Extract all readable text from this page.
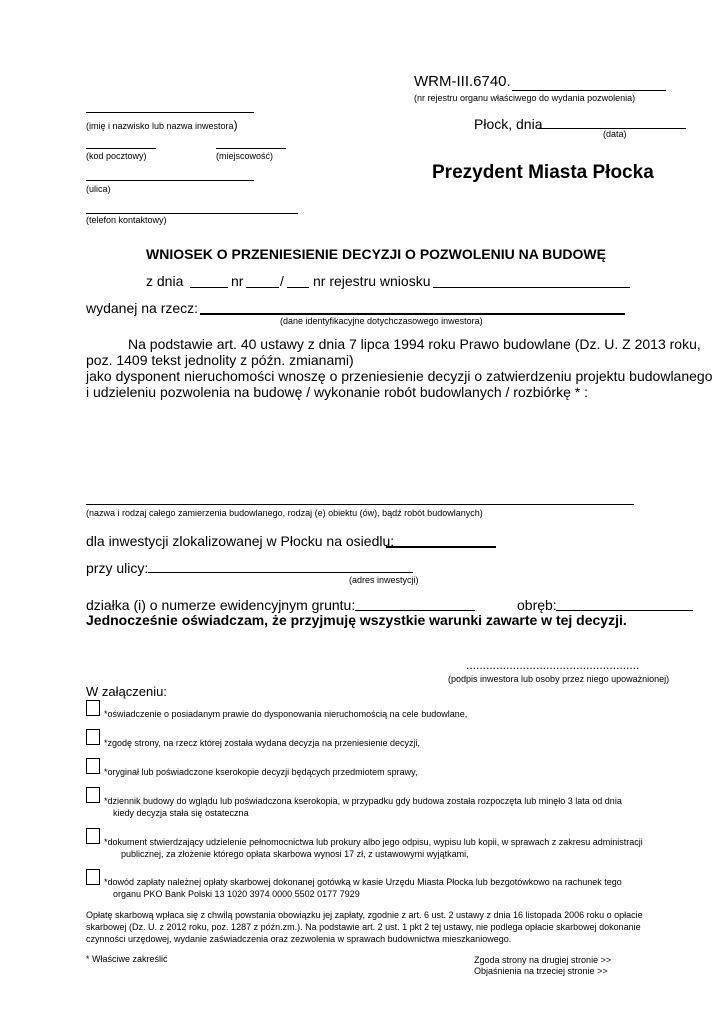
WRM-III.6740.
(nr rejestru organu właściwego do wydania pozwolenia)
(imię i nazwisko lub nazwa inwestora)	Płock, dnia
(data)
(kod pocztowy)	(miejscowość)
Prezydent Miasta Płocka
(ulica)
(telefon kontaktowy)
WNIOSEK O PRZENIESIENIE DECYZJI O POZWOLENIU NA BUDOWĘ
z dnia	nr	/ nr rejestru wniosku
wydanej na rzecz:
(dane identyfikacyjne dotychczasowego inwestora)
Na podstawie art. 40 ustawy z dnia 7 lipca 1994 roku Prawo budowlane (Dz. U. Z 2013 roku,
poz. 1409 tekst jednolity z późn. zmianami)
jako dysponent nieruchomości wnoszę o przeniesienie decyzji o zatwierdzeniu projektu budowlanego
i udzieleniu pozwolenia na budowę / wykonanie robót budowlanych / rozbiórkę * :
(nazwa i rodzaj całego zamierzenia budowlanego, rodzaj (e) obiektu (ów), bądź robót budowlanych)
dla inwestycji zlokalizowanej w Płocku na osiedlu:
przy ulicy:
(adres inwestycji)
działka (i) o numerze ewidencyjnym gruntu:	obręb:
Jednocześnie oświadczam, że przyjmuję wszystkie warunki zawarte w tej decyzji.
....................................................
(podpis inwestora lub osoby przez niego upoważnionej)
W załączeniu:
*oświadczenie o posiadanym prawie do dysponowania nieruchomością na cele budowlane,
*zgodę strony, na rzecz której została wydana decyzja na przeniesienie decyzji,
*oryginał lub poświadczone kserokopie decyzji będących przedmiotem sprawy,
*dziennik budowy do wglądu lub poświadczona kserokopia, w przypadku gdy budowa została rozpoczęta lub minęło 3 lata od dnia
kiedy decyzja stała się ostateczna
*dokument stwierdzający udzielenie pełnomocnictwa lub prokury albo jego odpisu, wypisu lub kopii, w sprawach z zakresu administracji
publicznej, za złożenie którego opłata skarbowa wynosi 17 zł, z ustawowymi wyjątkami,
*dowód zapłaty należnej opłaty skarbowej dokonanej gotówką w kasie Urzędu Miasta Płocka lub bezgotówkowo na rachunek tego
organu PKO Bank Polski 13 1020 3974 0000 5502 0177 7929
Opłatę skarbową wpłaca się z chwilą powstania obowiązku jej zapłaty, zgodnie z art. 6 ust. 2 ustawy z dnia 16 listopada 2006 roku o opłacie
skarbowej (Dz. U. z 2012 roku, poz. 1287 z późn.zm.). Na podstawie art. 2 ust. 1 pkt 2 tej ustawy, nie podlega opłacie skarbowej dokonanie
czynności urzędowej, wydanie zaświadczenia oraz zezwolenia w sprawach budownictwa mieszkaniowego.
* Właściwe zakreślić	Zgoda strony na drugiej stronie >>
Objaśnienia na trzeciej stronie >>
